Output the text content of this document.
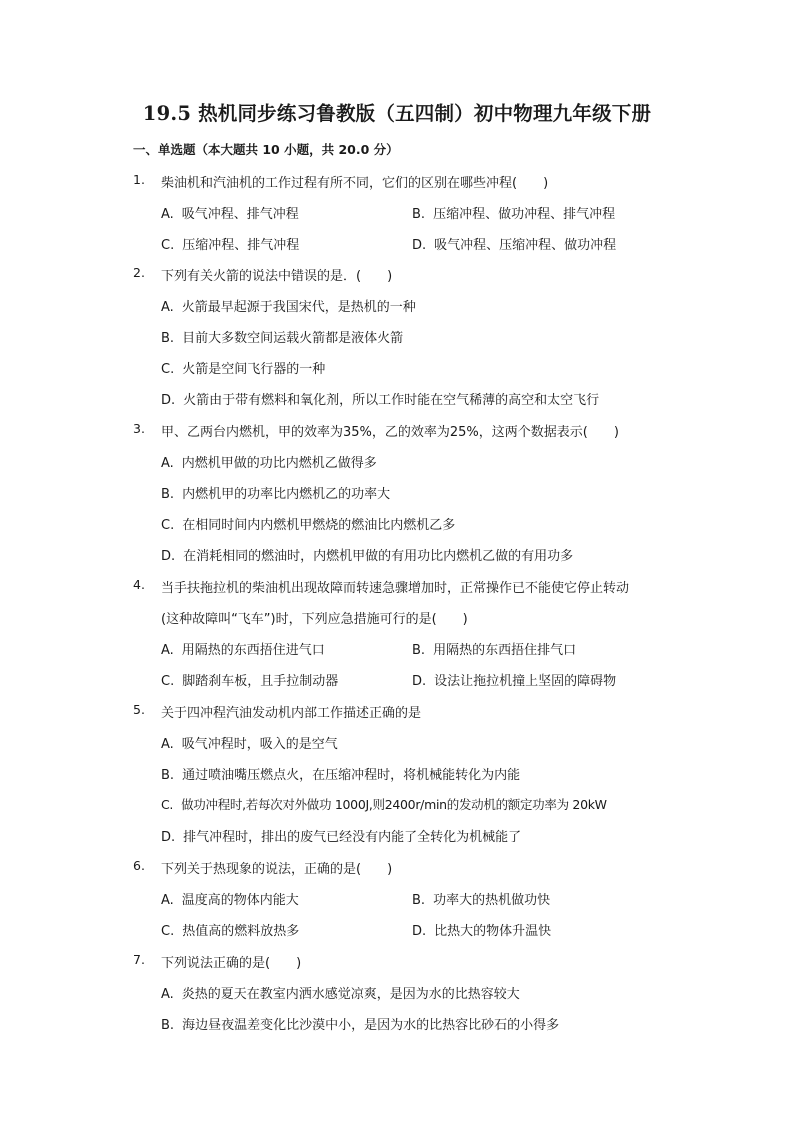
19.5 热机同步练习鲁教版（五四制）初中物理九年级下册
一、单选题（本大题共 10 小题，共 20.0 分）
1. 柴油机和汽油机的工作过程有所不同，它们的区别在哪些冲程(　　)
A. 吸气冲程、排气冲程	B. 压缩冲程、做功冲程、排气冲程
C. 压缩冲程、排气冲程	D. 吸气冲程、压缩冲程、做功冲程
2. 下列有关火箭的说法中错误的是．(　　)
A. 火箭最早起源于我国宋代，是热机的一种
B. 目前大多数空间运载火箭都是液体火箭
C. 火箭是空间飞行器的一种
D. 火箭由于带有燃料和氧化剂，所以工作时能在空气稀薄的高空和太空飞行
3. 甲、乙两台内燃机，甲的效率为35%，乙的效率为25%，这两个数据表示(　　)
A. 内燃机甲做的功比内燃机乙做得多
B. 内燃机甲的功率比内燃机乙的功率大
C. 在相同时间内内燃机甲燃烧的燃油比内燃机乙多
D. 在消耗相同的燃油时，内燃机甲做的有用功比内燃机乙做的有用功多
4. 当手扶拖拉机的柴油机出现故障而转速急骤增加时，正常操作已不能使它停止转动
(这种故障叫“飞车”)时，下列应急措施可行的是(　　)
A. 用隔热的东西捂住进气口	B. 用隔热的东西捂住排气口
C. 脚踏刹车板，且手拉制动器	D. 设法让拖拉机撞上坚固的障碍物
5. 关于四冲程汽油发动机内部工作描述正确的是
A. 吸气冲程时，吸入的是空气
B. 通过喷油嘴压燃点火，在压缩冲程时，将机械能转化为内能
C. 做功冲程时,若每次对外做功 1000J,则2400r/min的发动机的额定功率为 20kW
D. 排气冲程时，排出的废气已经没有内能了全转化为机械能了
6. 下列关于热现象的说法，正确的是(　　)
A. 温度高的物体内能大	B. 功率大的热机做功快
C. 热值高的燃料放热多	D. 比热大的物体升温快
7. 下列说法正确的是(　　)
A. 炎热的夏天在教室内洒水感觉凉爽，是因为水的比热容较大
B. 海边昼夜温差变化比沙漠中小，是因为水的比热容比砂石的小得多
